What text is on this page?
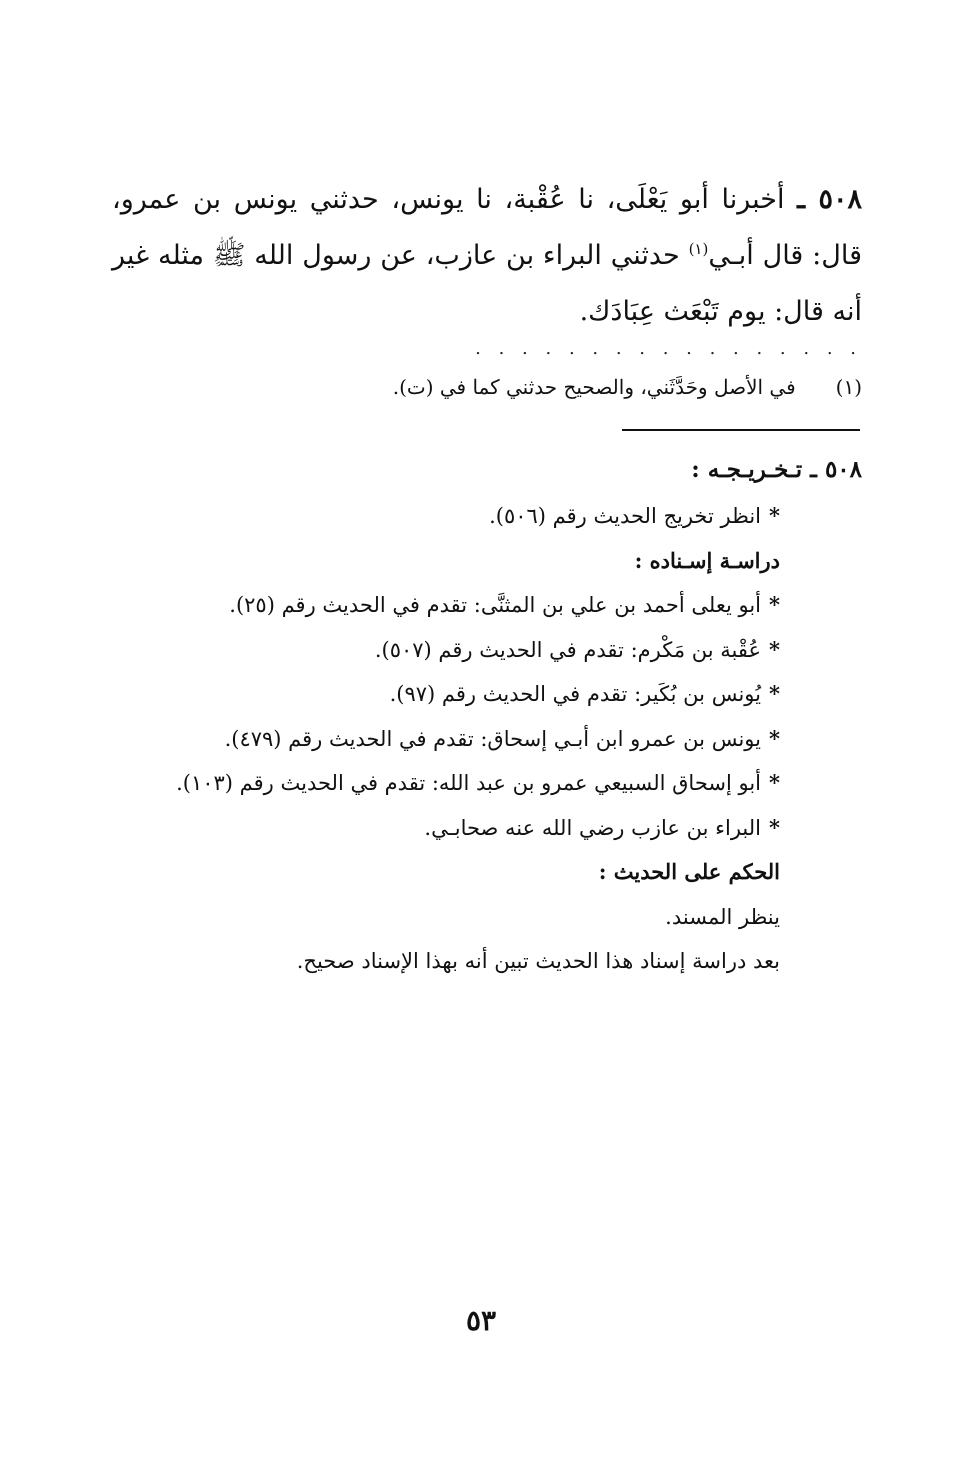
٥٠٨ ـ أخبرنا أبو يَعْلَى، نا عُقْبة، نا يونس، حدثني يونس بن عمرو، قال: قال أبـي$^{(١)}$ حدثني البراء بن عازب، عن رسول الله ﷺ مثله غير أنه قال: يوم تَبْعَث عِبَادَك.
. . . . . . . . . . . . . . . . .
(١) في الأصل وحَدَّثَني، والصحيح حدثني كما في (ت).
٥٠٨ ـ تـخـريـجـه :
*انظر تخريج الحديث رقم (٥٠٦).
دراسـة إسـناده :
*أبو يعلى أحمد بن علي بن المثنَّى: تقدم في الحديث رقم (٢٥).
*عُقْبة بن مَكْرم: تقدم في الحديث رقم (٥٠٧).
*يُونس بن بُكَير: تقدم في الحديث رقم (٩٧).
*يونس بن عمرو ابن أبـي إسحاق: تقدم في الحديث رقم (٤٧٩).
*أبو إسحاق السبيعي عمرو بن عبد الله: تقدم في الحديث رقم (١٠٣).
*البراء بن عازب رضي الله عنه صحابـي.
الحكم على الحديث :
ينظر المسند.
بعد دراسة إسناد هذا الحديث تبين أنه بهذا الإسناد صحيح.
٥٣
